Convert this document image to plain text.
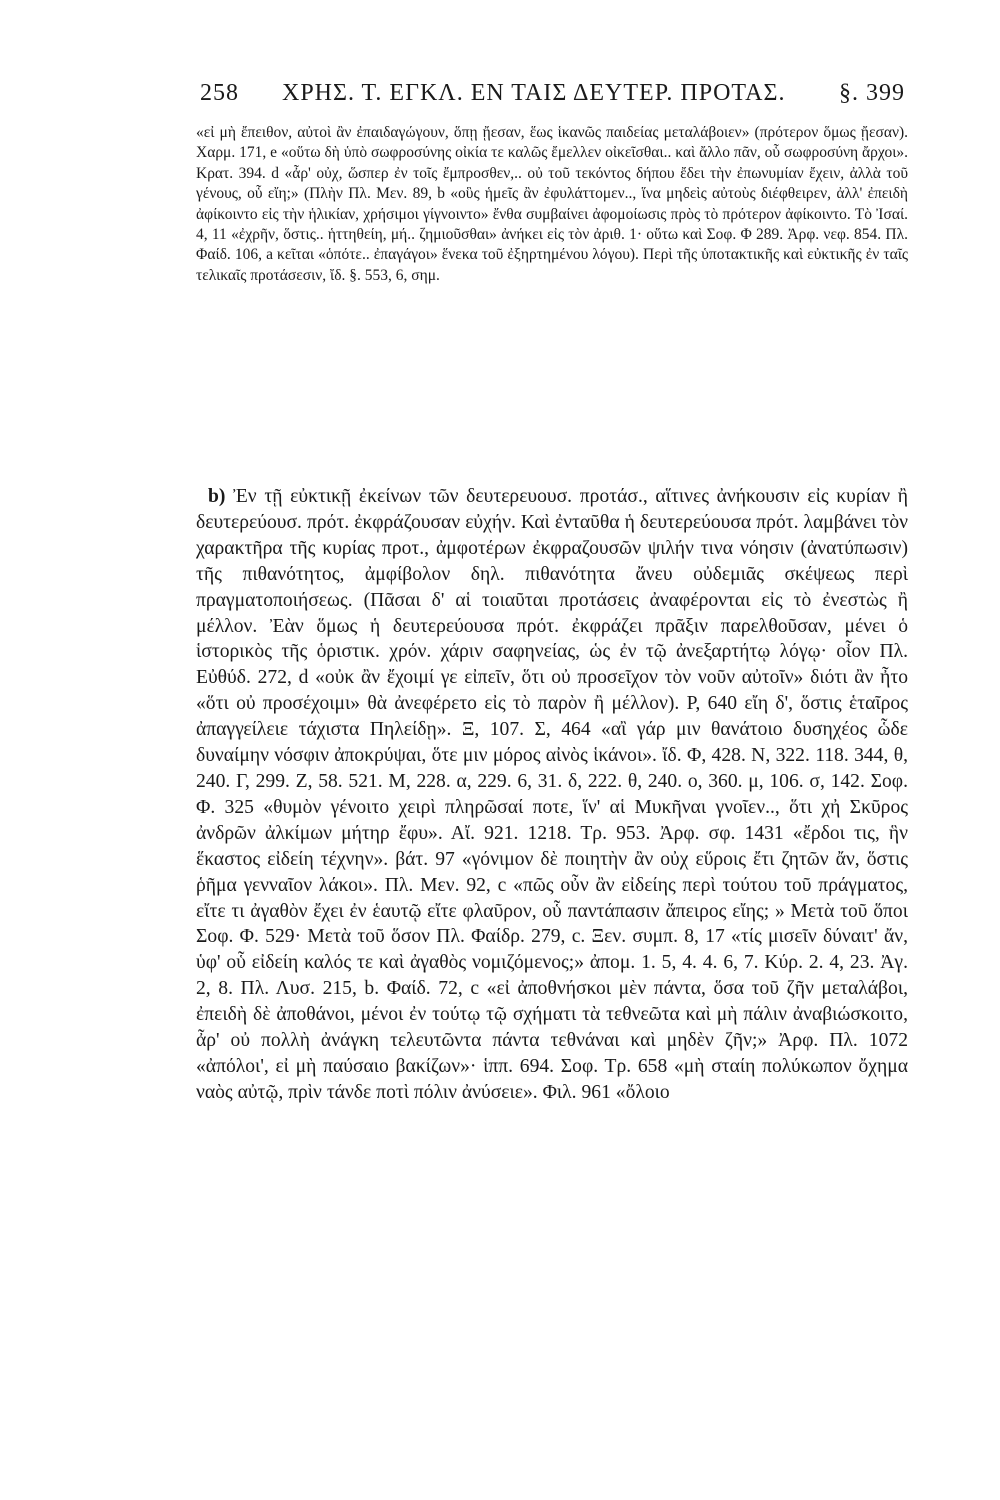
258 ΧΡΗΣ. Τ. ΕΓΚΛ. ΕΝ ΤΑΙΣ ΔΕΥΤΕΡ. ΠΡΟΤΑΣ. §. 399

«εἰ μὴ ἔπειθον, αὐτοὶ ἂν ἐπαιδαγώγουν, ὅπῃ ᾔεσαν, ἕως ἱκανῶς παιδείας μεταλάβοιεν» (πρότερον ὅμως ᾔεσαν). Χαρμ. 171, e «οὕτω δὴ ὑπὸ σωφροσύνης οἰκία τε καλῶς ἔμελλεν οἰκεῖσθαι.. καὶ ἄλλο πᾶν, οὗ σωφροσύνη ἄρχοι». Κρατ. 394. d «ἆρ' οὐχ, ὥσπερ ἐν τοῖς ἔμπροσθεν,.. οὐ τοῦ τεκόντος δήπου ἔδει τὴν ἐπωνυμίαν ἔχειν, ἀλλὰ τοῦ γένους, οὗ εἴη;» (Πλὴν Πλ. Μεν. 89, b «οὓς ἡμεῖς ἂν ἐφυλάττομεν.., ἵνα μηδεὶς αὐτοὺς διέφθειρεν, ἀλλ' ἐπειδὴ ἀφίκοιντο εἰς τὴν ἡλικίαν, χρήσιμοι γίγνοιντο» ἔνθα συμβαίνει ἀφομοίωσις πρὸς τὸ πρότερον ἀφίκοιντο. Τὸ Ἰσαί. 4, 11 «ἐχρῆν, ὅστις.. ἡττηθείη, μή.. ζημιοῦσθαι» ἀνήκει εἰς τὸν ἀριθ. 1· οὕτω καὶ Σοφ. Φ 289. Ἀρφ. νεφ. 854. Πλ. Φαίδ. 106, a κεῖται «ὁπότε.. ἐπαγάγοι» ἕνεκα τοῦ ἐξηρτημένου λόγου). Περὶ τῆς ὑποτακτικῆς καὶ εὐκτικῆς ἐν ταῖς τελικαῖς προτάσεσιν, ἴδ. §. 553, 6, σημ.

b) Ἐν τῇ εὐκτικῇ ἐκείνων τῶν δευτερευουσ. προτάσ., αἵτινες ἀνήκουσιν εἰς κυρίαν ἢ δευτερεύουσ. πρότ. ἐκφράζουσαν εὐχήν. Καὶ ἐνταῦθα ἡ δευτερεύουσα πρότ. λαμβάνει τὸν χαρακτῆρα τῆς κυρίας προτ., ἀμφοτέρων ἐκφραζουσῶν ψιλήν τινα νόησιν (ἀνατύπωσιν) τῆς πιθανότητος, ἀμφίβολον δηλ. πιθανότητα ἄνευ οὐδεμιᾶς σκέψεως περὶ πραγματοποιήσεως. (Πᾶσαι δ' αἱ τοιαῦται προτάσεις ἀναφέρονται εἰς τὸ ἐνεστὼς ἢ μέλλον. Ἐὰν ὅμως ἡ δευτερεύουσα πρότ. ἐκφράζει πρᾶξιν παρελθοῦσαν, μένει ὁ ἱστορικὸς τῆς ὁριστικ. χρόν. χάριν σαφηνείας, ὡς ἐν τῷ ἀνεξαρτήτῳ λόγῳ· οἷον Πλ. Εὐθύδ. 272, d «οὐκ ἂν ἔχοιμί γε εἰπεῖν, ὅτι οὐ προσεῖχον τὸν νοῦν αὐτοῖν» διότι ἂν ἦτο «ὅτι οὐ προσέχοιμι» θὰ ἀνεφέρετο εἰς τὸ παρὸν ἢ μέλλον). Ρ, 640 εἴη δ', ὅστις ἑταῖρος ἀπαγγείλειε τάχιστα Πηλείδῃ». Ξ, 107. Σ, 464 «αἲ γάρ μιν θανάτοιο δυσηχέος ὧδε δυναίμην νόσφιν ἀποκρύψαι, ὅτε μιν μόρος αἰνὸς ἱκάνοι». ἴδ. Φ, 428. Ν, 322. 118. 344, θ, 240. Γ, 299. Ζ, 58. 521. Μ, 228. α, 229. 6, 31. δ, 222. θ, 240. ο, 360. μ, 106. σ, 142. Σοφ. Φ. 325 «θυμὸν γένοιτο χειρὶ πληρῶσαί ποτε, ἵν' αἱ Μυκῆναι γνοῖεν.., ὅτι χἠ Σκῦρος ἀνδρῶν ἀλκίμων μήτηρ ἔφυ». Αἴ. 921. 1218. Τρ. 953. Ἀρφ. σφ. 1431 «ἔρδοι τις, ἣν ἕκαστος εἰδείη τέχνην». βάτ. 97 «γόνιμον δὲ ποιητὴν ἂν οὐχ εὕροις ἔτι ζητῶν ἄν, ὅστις ῥῆμα γενναῖον λάκοι». Πλ. Μεν. 92, c «πῶς οὖν ἂν εἰδείης περὶ τούτου τοῦ πράγματος, εἴτε τι ἀγαθὸν ἔχει ἐν ἑαυτῷ εἴτε φλαῦρον, οὗ παντάπασιν ἄπειρος εἴης; » Μετὰ τοῦ ὅποι Σοφ. Φ. 529· Μετὰ τοῦ ὅσον Πλ. Φαίδρ. 279, c. Ξεν. συμπ. 8, 17 «τίς μισεῖν δύναιτ' ἄν, ὑφ' οὗ εἰδείη καλός τε καὶ ἀγαθὸς νομιζόμενος;» ἀπομ. 1. 5, 4. 4. 6, 7. Κύρ. 2. 4, 23. Ἀγ. 2, 8. Πλ. Λυσ. 215, b. Φαίδ. 72, c «εἰ ἀποθνήσκοι μὲν πάντα, ὅσα τοῦ ζῆν μεταλάβοι, ἐπειδὴ δὲ ἀποθάνοι, μένοι ἐν τούτῳ τῷ σχήματι τὰ τεθνεῶτα καὶ μὴ πάλιν ἀναβιώσκοιτο, ἆρ' οὐ πολλὴ ἀνάγκη τελευτῶντα πάντα τεθνάναι καὶ μηδὲν ζῆν;» Ἀρφ. Πλ. 1072 «ἀπόλοι', εἰ μὴ παύσαιο βακίζων»· ἱππ. 694. Σοφ. Τρ. 658 «μὴ σταίη πολύκωπον ὄχημα ναὸς αὐτῷ, πρὶν τάνδε ποτὶ πόλιν ἀνύσειε». Φιλ. 961 «ὄλοιο
